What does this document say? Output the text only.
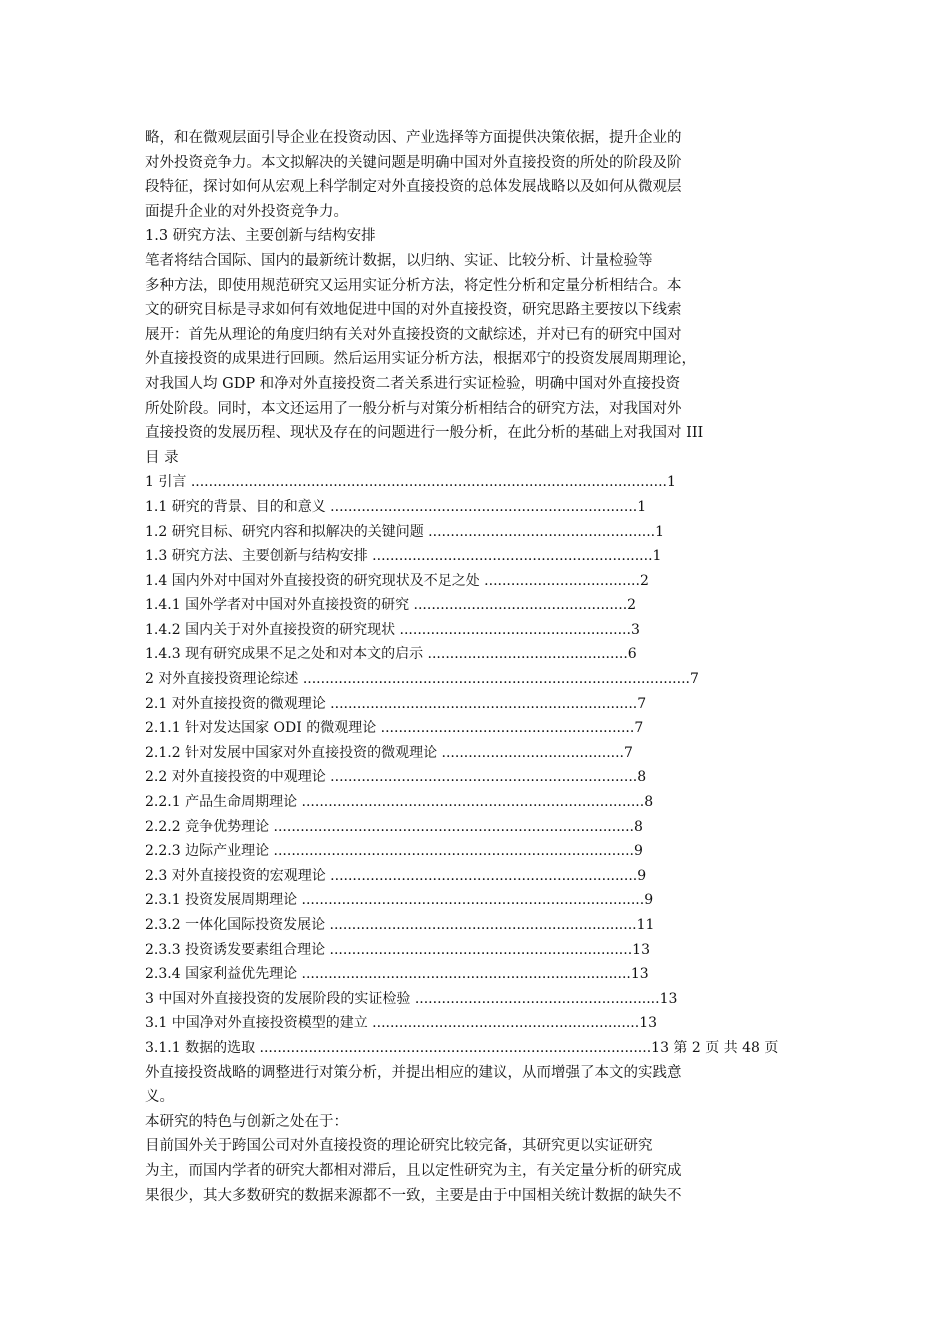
略，和在微观层面引导企业在投资动因、产业选择等方面提供决策依据，提升企业的
对外投资竞争力。本文拟解决的关键问题是明确中国对外直接投资的所处的阶段及阶
段特征，探讨如何从宏观上科学制定对外直接投资的总体发展战略以及如何从微观层
面提升企业的对外投资竞争力。
1.3 研究方法、主要创新与结构安排
笔者将结合国际、国内的最新统计数据，以归纳、实证、比较分析、计量检验等
多种方法，即使用规范研究又运用实证分析方法，将定性分析和定量分析相结合。本
文的研究目标是寻求如何有效地促进中国的对外直接投资，研究思路主要按以下线索
展开：首先从理论的角度归纳有关对外直接投资的文献综述，并对已有的研究中国对
外直接投资的成果进行回顾。然后运用实证分析方法，根据邓宁的投资发展周期理论，
对我国人均 GDP 和净对外直接投资二者关系进行实证检验，明确中国对外直接投资
所处阶段。同时，本文还运用了一般分析与对策分析相结合的研究方法，对我国对外
直接投资的发展历程、现状及存在的问题进行一般分析，在此分析的基础上对我国对 III
目 录
1 引言 ...........................................................................................................1
1.1 研究的背景、目的和意义 .....................................................................1
1.2 研究目标、研究内容和拟解决的关键问题 ...................................................1
1.3 研究方法、主要创新与结构安排 ...............................................................1
1.4 国内外对中国对外直接投资的研究现状及不足之处 ...................................2
1.4.1 国外学者对中国对外直接投资的研究 ................................................2
1.4.2 国内关于对外直接投资的研究现状 ....................................................3
1.4.3 现有研究成果不足之处和对本文的启示 .............................................6
2 对外直接投资理论综述 .......................................................................................7
2.1 对外直接投资的微观理论 .....................................................................7
2.1.1 针对发达国家 ODI 的微观理论 .........................................................7
2.1.2 针对发展中国家对外直接投资的微观理论 .........................................7
2.2 对外直接投资的中观理论 .....................................................................8
2.2.1 产品生命周期理论 .............................................................................8
2.2.2 竞争优势理论 .................................................................................8
2.2.3 边际产业理论 .................................................................................9
2.3 对外直接投资的宏观理论 .....................................................................9
2.3.1 投资发展周期理论 .............................................................................9
2.3.2 一体化国际投资发展论 .....................................................................11
2.3.3 投资诱发要素组合理论 ....................................................................13
2.3.4 国家利益优先理论 ..........................................................................13
3 中国对外直接投资的发展阶段的实证检验 .......................................................13
3.1 中国净对外直接投资模型的建立 ............................................................13
3.1.1 数据的选取 ........................................................................................13 第 2 页 共 48 页
外直接投资战略的调整进行对策分析，并提出相应的建议，从而增强了本文的实践意
义。
本研究的特色与创新之处在于：
目前国外关于跨国公司对外直接投资的理论研究比较完备，其研究更以实证研究
为主，而国内学者的研究大都相对滞后，且以定性研究为主，有关定量分析的研究成
果很少，其大多数研究的数据来源都不一致，主要是由于中国相关统计数据的缺失不
